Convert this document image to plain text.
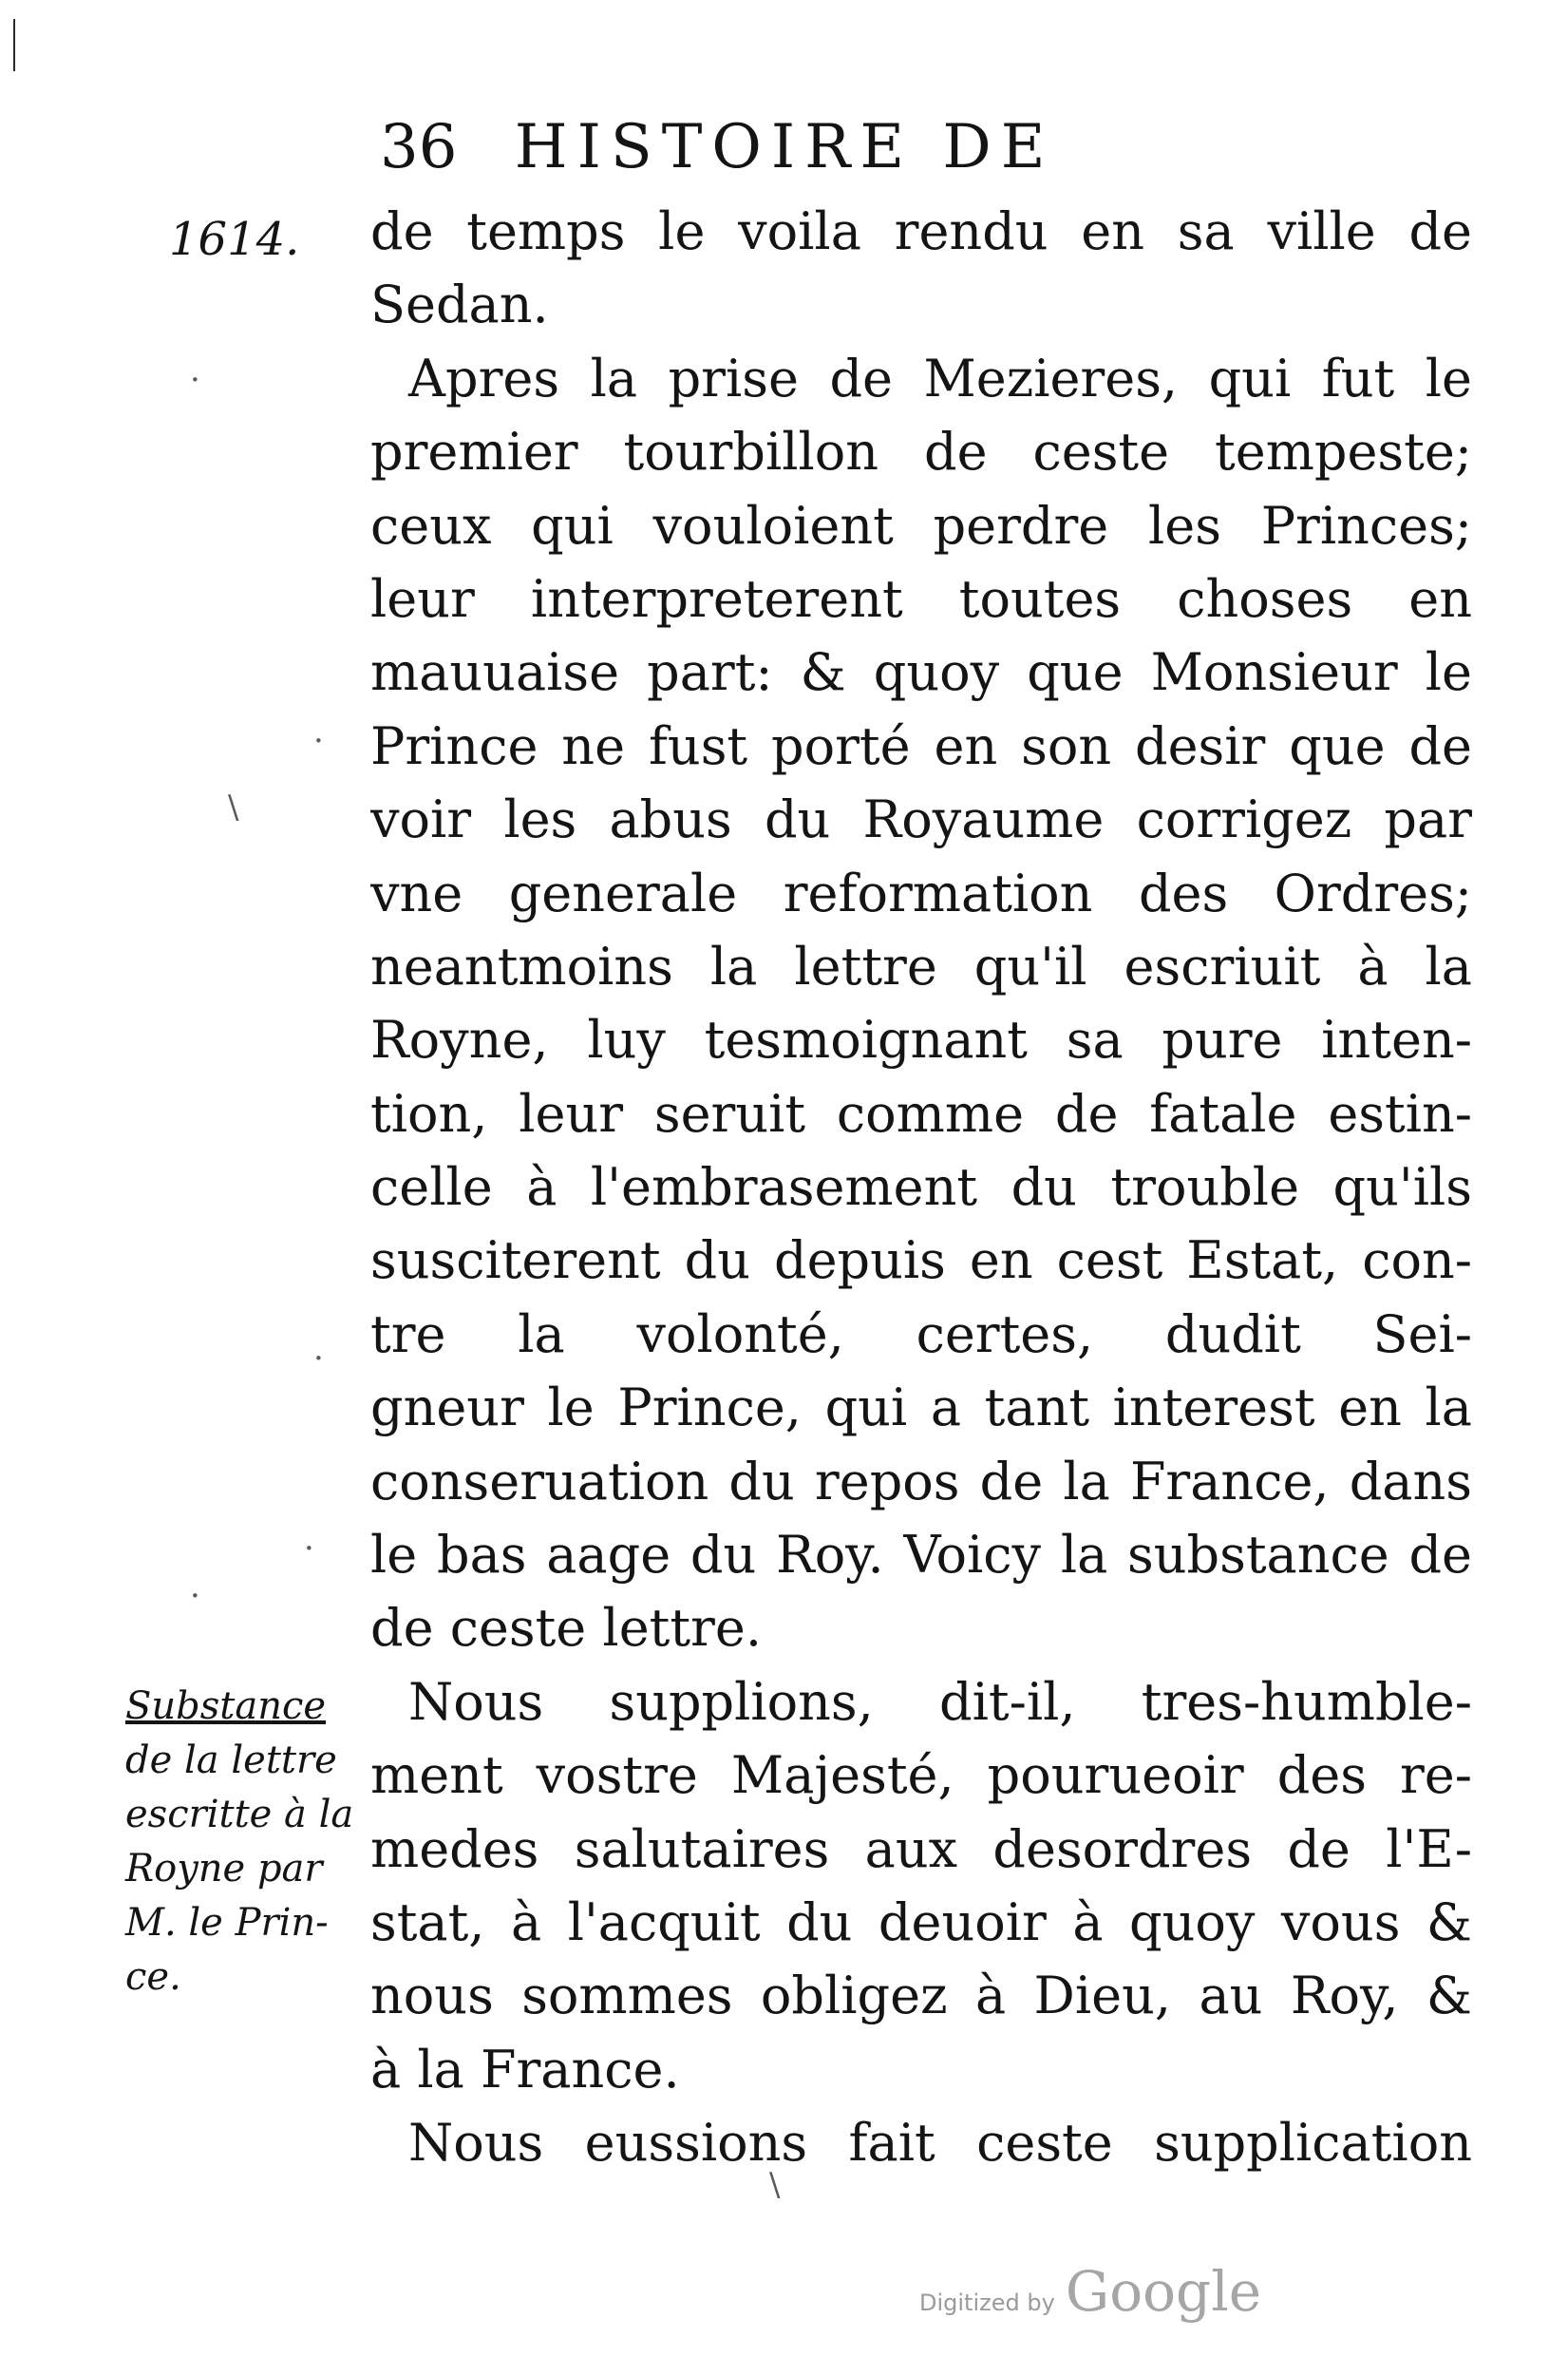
36 HISTOIRE DE
1614. de temps le voila rendu en sa ville de
Sedan.
Apres la prise de Mezieres, qui fut le
premier tourbillon de ceste tempeste;
ceux qui vouloient perdre les Princes;
leur interpreterent toutes choses en
mauuaise part: & quoy que Monsieur le
Prince ne fust porté en son desir que de
voir les abus du Royaume corrigez par
vne generale reformation des Ordres;
neantmoins la lettre qu'il escriuit à la
Royne, luy tesmoignant sa pure inten-
tion, leur seruit comme de fatale estin-
celle à l'embrasement du trouble qu'ils
susciterent du depuis en cest Estat, con-
tre la volonté, certes, dudit Sei-
gneur le Prince, qui a tant interest en la
conseruation du repos de la France, dans
le bas aage du Roy. Voicy la substance de
de ceste lettre.
Nous supplions, dit-il, tres-humble-
ment vostre Majesté, pourueoir des re-
medes salutaires aux desordres de l'E-
stat, à l'acquit du deuoir à quoy vous &
nous sommes obligez à Dieu, au Roy, &
à la France.
Nous eussions fait ceste supplication
Substance
de la lettre
escritte à la
Royne par
M. le Prin-
ce.
·
·
\
·
·
·
\
Digitized by Google
